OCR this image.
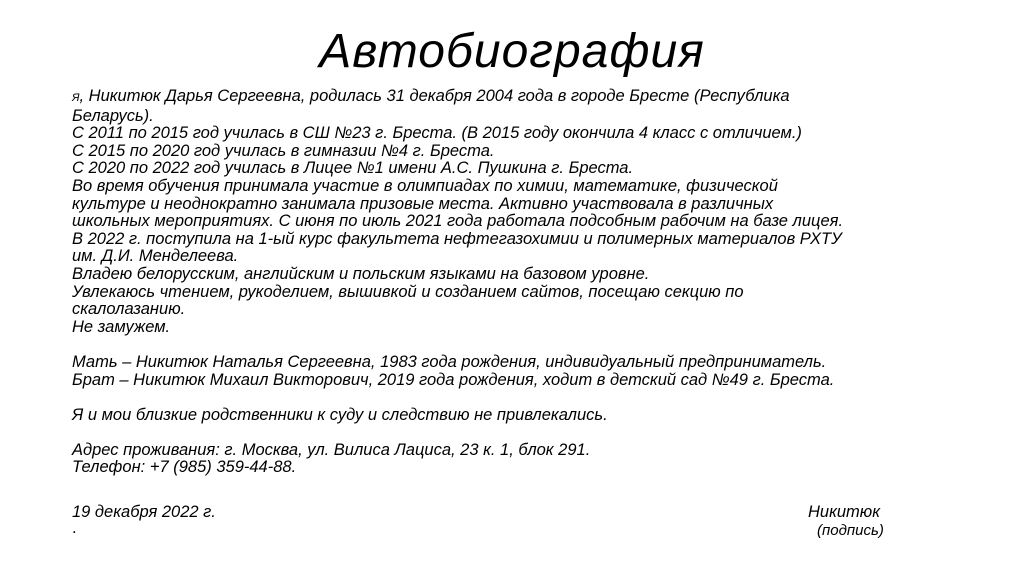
Автобиография
Я, Никитюк Дарья Сергеевна, родилась 31 декабря 2004 года в городе Бресте (Республика
Беларусь).
С 2011 по 2015 год училась в СШ №23 г. Бреста. (В 2015 году окончила 4 класс с отличием.)
С 2015 по 2020 год училась в гимназии №4 г. Бреста.
С 2020 по 2022 год училась в Лицее №1 имени А.С. Пушкина г. Бреста.
Во время обучения принимала участие в олимпиадах по химии, математике, физической
культуре и неоднократно занимала призовые места. Активно участвовала в различных
школьных мероприятиях. С июня по июль 2021 года работала подсобным рабочим на базе лицея.
В 2022 г. поступила на 1-ый курс факультета нефтегазохимии и полимерных материалов РХТУ
им. Д.И. Менделеева.
Владею белорусским, английским и польским языками на базовом уровне.
Увлекаюсь чтением, рукоделием, вышивкой и созданием сайтов, посещаю секцию по
скалолазанию.
Не замужем.
Мать – Никитюк Наталья Сергеевна, 1983 года рождения, индивидуальный предприниматель.
Брат – Никитюк Михаил Викторович, 2019 года рождения, ходит в детский сад №49 г. Бреста.
Я и мои близкие родственники к суду и следствию не привлекались.
Адрес проживания: г. Москва, ул. Вилиса Лациса, 23 к. 1, блок 291.
Телефон: +7 (985) 359-44-88.
19 декабря 2022 г.
.
Никитюк
(подпись)
